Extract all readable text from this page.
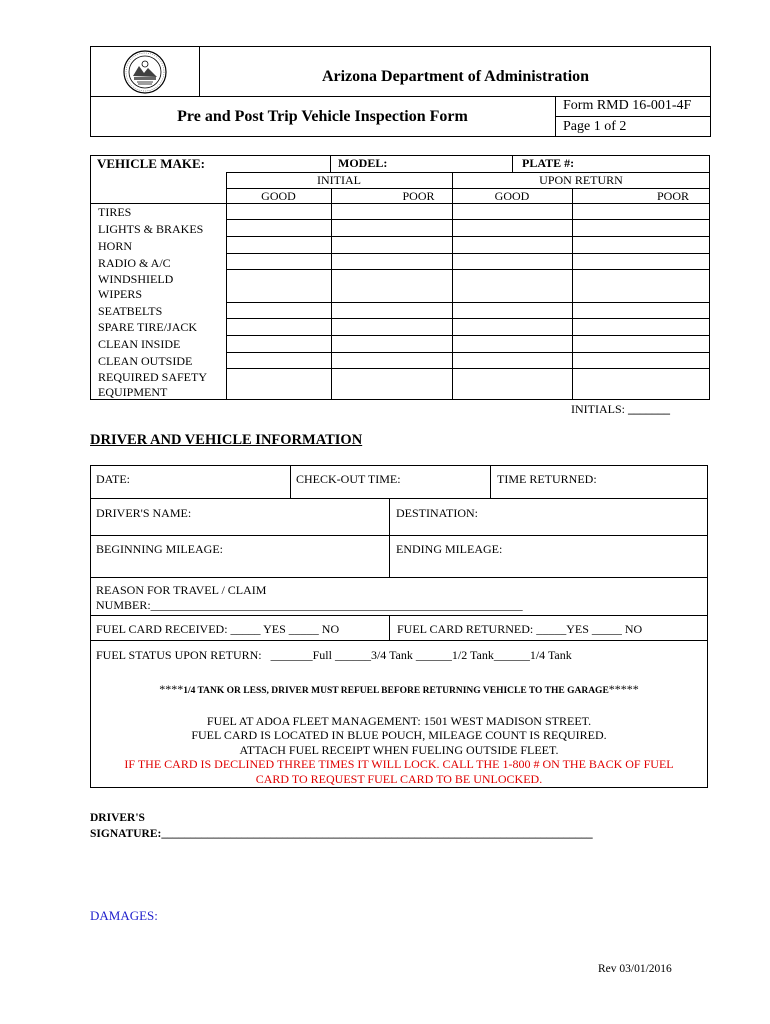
Arizona Department of Administration
Pre and Post Trip Vehicle Inspection Form
Form RMD 16-001-4F
Page 1 of 2
VEHICLE MAKE:	MODEL:	PLATE #:
INITIAL	UPON RETURN
GOOD	POOR	GOOD	POOR
TIRES
LIGHTS & BRAKES
HORN
RADIO & A/C
WINDSHIELD WIPERS
SEATBELTS
SPARE TIRE/JACK
CLEAN INSIDE
CLEAN OUTSIDE
REQUIRED SAFETY EQUIPMENT
INITIALS: _______
DRIVER AND VEHICLE INFORMATION
DATE:	CHECK-OUT TIME:	TIME RETURNED:
DRIVER'S NAME:	DESTINATION:
BEGINNING MILEAGE:	ENDING MILEAGE:
REASON FOR TRAVEL / CLAIM
NUMBER:______________________________________________________________
FUEL CARD RECEIVED: _____ YES _____ NO	FUEL CARD RETURNED: _____YES _____ NO
FUEL STATUS UPON RETURN:   _______Full ______3/4 Tank ______1/2 Tank______1/4 Tank
****1/4 TANK OR LESS, DRIVER MUST REFUEL BEFORE RETURNING VEHICLE TO THE GARAGE*****
FUEL AT ADOA FLEET MANAGEMENT: 1501 WEST MADISON STREET.
FUEL CARD IS LOCATED IN BLUE POUCH, MILEAGE COUNT IS REQUIRED.
ATTACH FUEL RECEIPT WHEN FUELING OUTSIDE FLEET.
IF THE CARD IS DECLINED THREE TIMES IT WILL LOCK. CALL THE 1-800 # ON THE BACK OF FUEL
CARD TO REQUEST FUEL CARD TO BE UNLOCKED.
DRIVER'S
SIGNATURE:___________________________________________________________________________
DAMAGES:
Rev 03/01/2016
